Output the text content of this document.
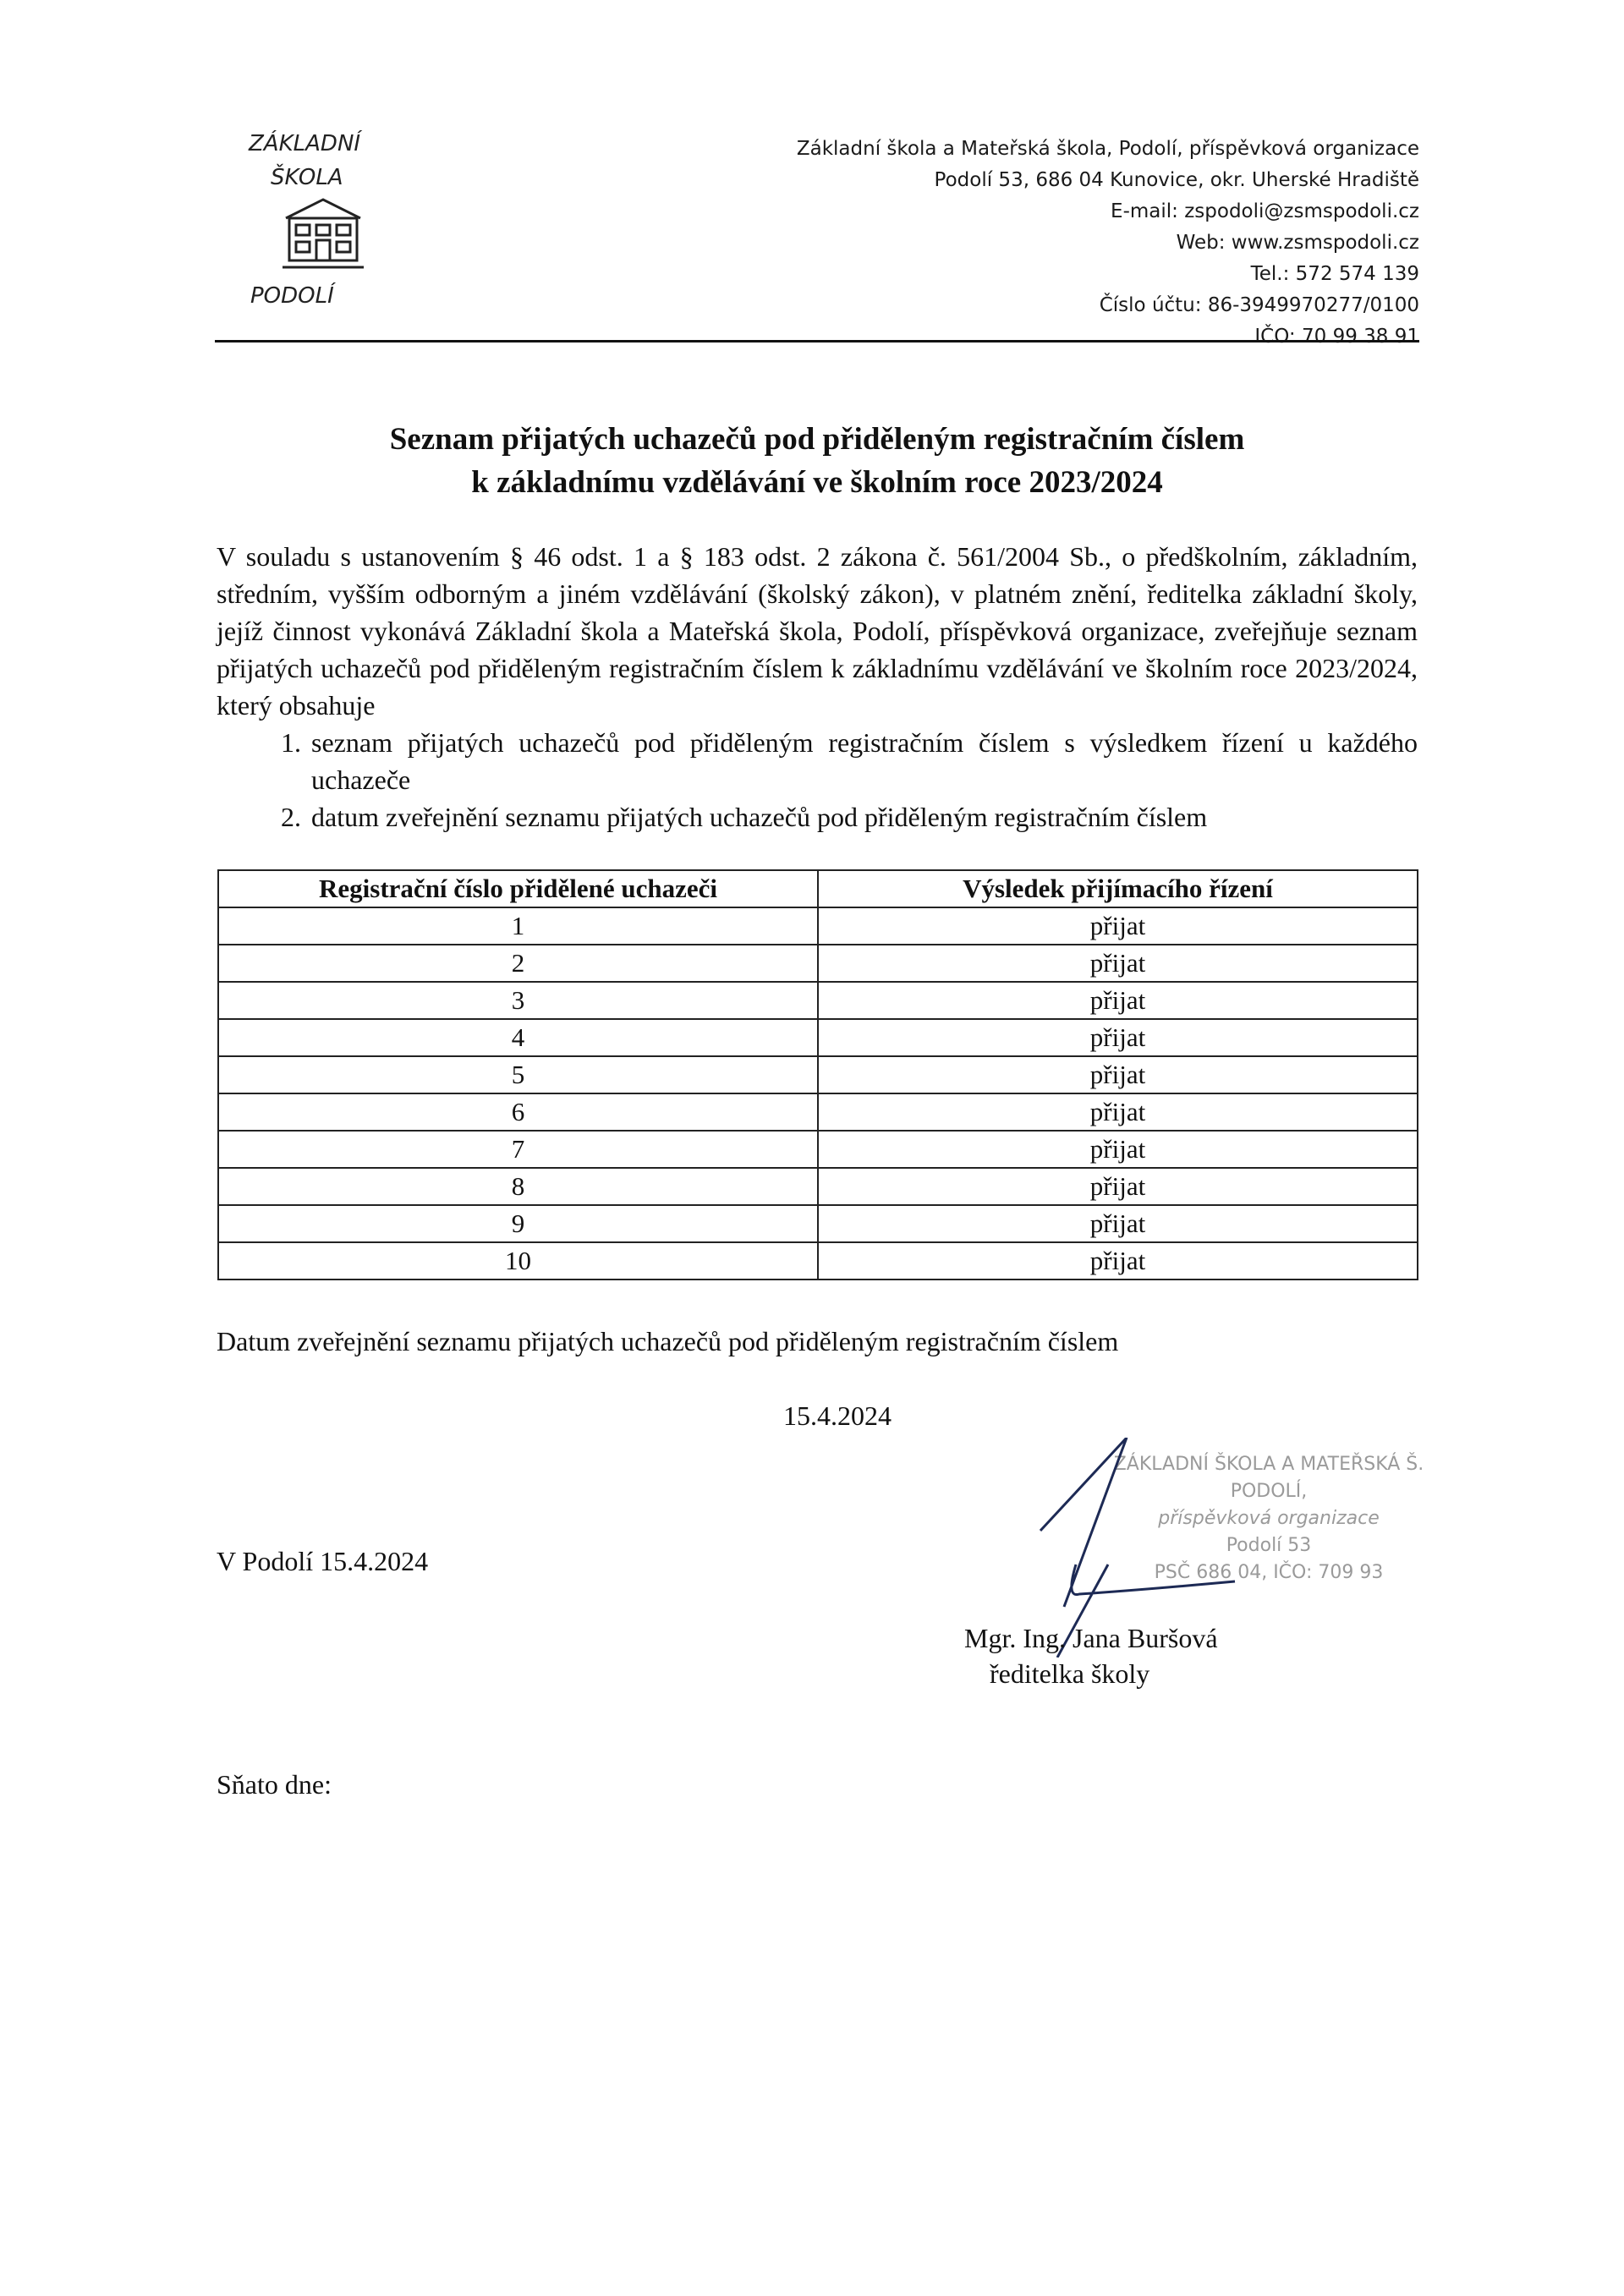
ZÁKLADNÍ
ŠKOLA
PODOLÍ
Základní škola a Mateřská škola, Podolí, příspěvková organizace
Podolí 53, 686 04 Kunovice, okr. Uherské Hradiště
E-mail: zspodoli@zsmspodoli.cz
Web: www.zsmspodoli.cz
Tel.: 572 574 139
Číslo účtu: 86-3949970277/0100
IČO: 70 99 38 91
Seznam přijatých uchazečů pod přiděleným registračním číslem
k základnímu vzdělávání ve školním roce 2023/2024
V souladu s ustanovením § 46 odst. 1 a § 183 odst. 2 zákona č. 561/2004 Sb., o předškolním, základním, středním, vyšším odborným a jiném vzdělávání (školský zákon), v platném znění, ředitelka základní školy, jejíž činnost vykonává Základní škola a Mateřská škola, Podolí, příspěvková organizace, zveřejňuje seznam přijatých uchazečů pod přiděleným registračním číslem k základnímu vzdělávání ve školním roce 2023/2024, který obsahuje
1. seznam přijatých uchazečů pod přiděleným registračním číslem s výsledkem řízení u každého uchazeče
2. datum zveřejnění seznamu přijatých uchazečů pod přiděleným registračním číslem
Registrační číslo přidělené uchazeči	Výsledek přijímacího řízení
1	přijat
2	přijat
3	přijat
4	přijat
5	přijat
6	přijat
7	přijat
8	přijat
9	přijat
10	přijat
Datum zveřejnění seznamu přijatých uchazečů pod přiděleným registračním číslem
15.4.2024
V Podolí 15.4.2024
ZÁKLADNÍ ŠKOLA A MATEŘSKÁ Š.
PODOLÍ,
příspěvková organizace
Podolí 53
PSČ 686 04, IČO: 709 93
Mgr. Ing. Jana Buršová
ředitelka školy
Sňato dne:
